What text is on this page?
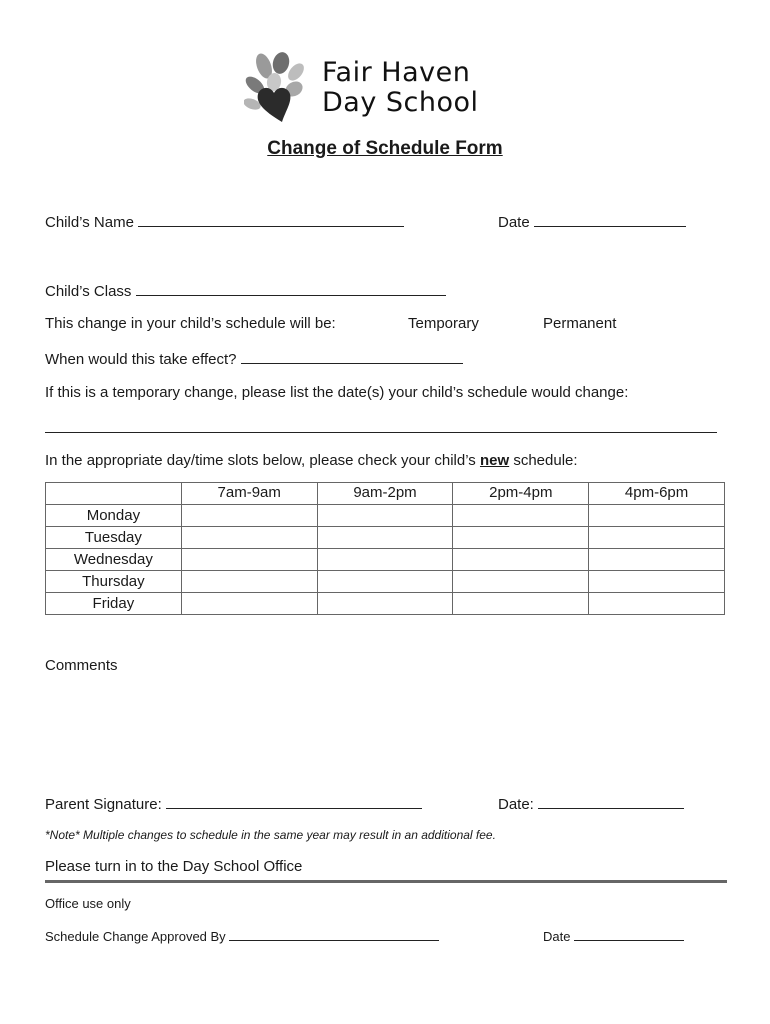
Fair Haven
Day School
Change of Schedule Form
Child’s Name	Date
Child’s Class
This change in your child’s schedule will be:	Temporary	Permanent
When would this take effect?
If this is a temporary change, please list the date(s) your child’s schedule would change:
In the appropriate day/time slots below, please check your child’s new schedule:
	7am-9am	9am-2pm	2pm-4pm	4pm-6pm
Monday				
Tuesday				
Wednesday				
Thursday				
Friday				
Comments
Parent Signature:	Date:
*Note* Multiple changes to schedule in the same year may result in an additional fee.
Please turn in to the Day School Office
Office use only
Schedule Change Approved By	Date
